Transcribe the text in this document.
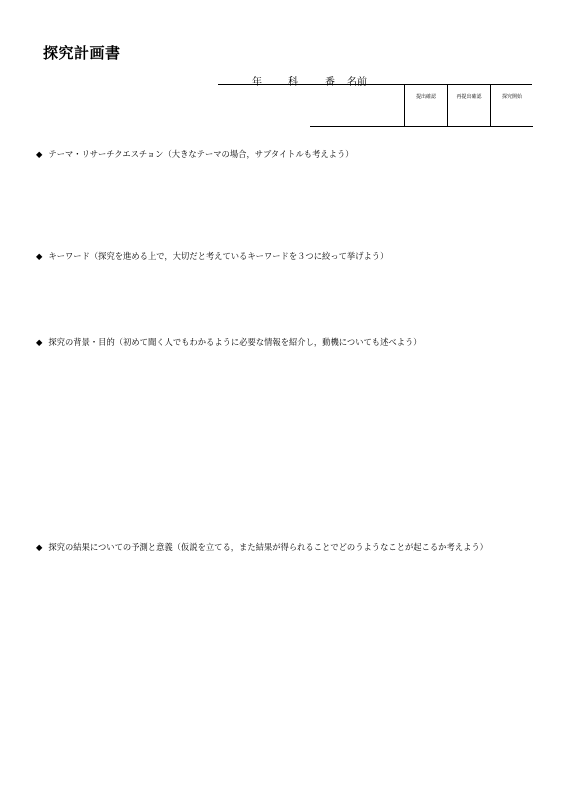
探究計画書
年	科	番 名前

提出確認	再提出確認	探究開始
◆ テーマ・リサーチクエスチョン（大きなテーマの場合，サブタイトルも考えよう）
◆ キーワード（探究を進める上で，大切だと考えているキーワードを３つに絞って挙げよう）
◆ 探究の背景・目的（初めて聞く人でもわかるように必要な情報を紹介し，動機についても述べよう）
◆ 探究の結果についての予測と意義（仮説を立てる，また結果が得られることでどのうようなことが起こるか考えよう）
